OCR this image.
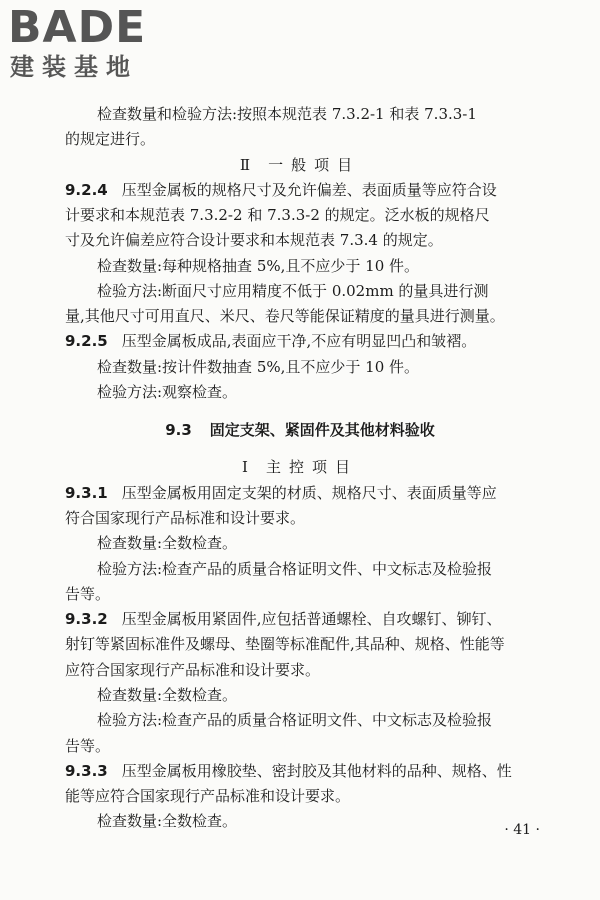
BADE
建装基地
检查数量和检验方法:按照本规范表 7.3.2-1 和表 7.3.3-1
的规定进行。
Ⅱ 一般项目
9.2.4 压型金属板的规格尺寸及允许偏差、表面质量等应符合设
计要求和本规范表 7.3.2-2 和 7.3.3-2 的规定。泛水板的规格尺
寸及允许偏差应符合设计要求和本规范表 7.3.4 的规定。
检查数量:每种规格抽查 5%,且不应少于 10 件。
检验方法:断面尺寸应用精度不低于 0.02mm 的量具进行测
量,其他尺寸可用直尺、米尺、卷尺等能保证精度的量具进行测量。
9.2.5 压型金属板成品,表面应干净,不应有明显凹凸和皱褶。
检查数量:按计件数抽查 5%,且不应少于 10 件。
检验方法:观察检查。
9.3 固定支架、紧固件及其他材料验收
Ⅰ 主控项目
9.3.1 压型金属板用固定支架的材质、规格尺寸、表面质量等应
符合国家现行产品标准和设计要求。
检查数量:全数检查。
检验方法:检查产品的质量合格证明文件、中文标志及检验报
告等。
9.3.2 压型金属板用紧固件,应包括普通螺栓、自攻螺钉、铆钉、
射钉等紧固标准件及螺母、垫圈等标准配件,其品种、规格、性能等
应符合国家现行产品标准和设计要求。
检查数量:全数检查。
检验方法:检查产品的质量合格证明文件、中文标志及检验报
告等。
9.3.3 压型金属板用橡胶垫、密封胶及其他材料的品种、规格、性
能等应符合国家现行产品标准和设计要求。
检查数量:全数检查。	· 41 ·
